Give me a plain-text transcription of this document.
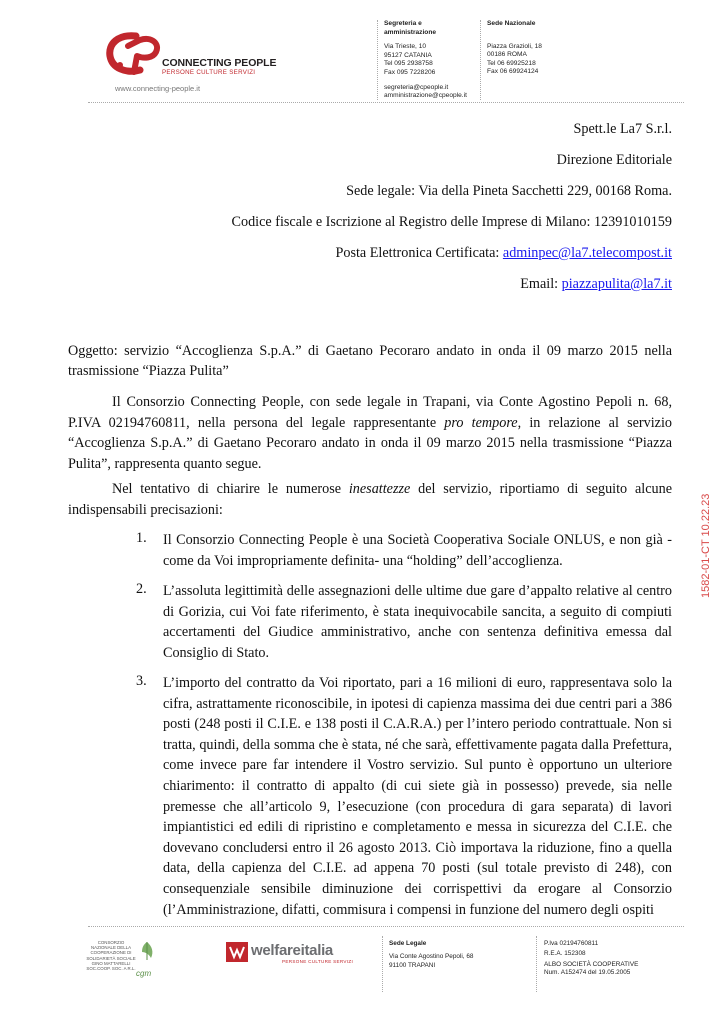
CONNECTING PEOPLE
PERSONE CULTURE SERVIZI
www.connecting-people.it
Segreteria e
amministrazione
Via Trieste, 10
95127 CATANIA
Tel 095 2938758
Fax 095 7228206
segreteria@cpeople.it
amministrazione@cpeople.it
Sede Nazionale
Piazza Grazioli, 18
00186 ROMA
Tel 06 69925218
Fax 06 69924124
Spett.le La7 S.r.l.
Direzione Editoriale
Sede legale: Via della Pineta Sacchetti 229, 00168 Roma.
Codice fiscale e Iscrizione al Registro delle Imprese di Milano: 12391010159
Posta Elettronica Certificata: adminpec@la7.telecompost.it
Email: piazzapulita@la7.it
Oggetto: servizio “Accoglienza S.p.A.” di Gaetano Pecoraro andato in onda il 09 marzo 2015 nella
trasmissione “Piazza Pulita”
Il Consorzio Connecting People, con sede legale in Trapani, via Conte Agostino Pepoli n. 68, P.IVA 02194760811, nella persona del legale rappresentante pro tempore, in relazione al servizio “Accoglienza S.p.A.” di Gaetano Pecoraro andato in onda il 09 marzo 2015 nella trasmissione “Piazza Pulita”, rappresenta quanto segue.
Nel tentativo di chiarire le numerose inesattezze del servizio, riportiamo di seguito alcune indispensabili precisazioni:
1. Il Consorzio Connecting People è una Società Cooperativa Sociale ONLUS, e non già - come da Voi impropriamente definita- una “holding” dell’accoglienza.
2. L’assoluta legittimità delle assegnazioni delle ultime due gare d’appalto relative al centro di Gorizia, cui Voi fate riferimento, è stata inequivocabile sancita, a seguito di compiuti accertamenti del Giudice amministrativo, anche con sentenza definitiva emessa dal Consiglio di Stato.
3. L’importo del contratto da Voi riportato, pari a 16 milioni di euro, rappresentava solo la cifra, astrattamente riconoscibile, in ipotesi di capienza massima dei due centri pari a 386 posti (248 posti il C.I.E. e 138 posti il C.A.R.A.) per l’intero periodo contrattuale. Non si tratta, quindi, della somma che è stata, né che sarà, effettivamente pagata dalla Prefettura, come invece pare far intendere il Vostro servizio. Sul punto è opportuno un ulteriore chiarimento: il contratto di appalto (di cui siete già in possesso) prevede, sia nelle premesse che all’articolo 9, l’esecuzione (con procedura di gara separata) di lavori impiantistici ed edili di ripristino e completamento e messa in sicurezza del C.I.E. che dovevano concludersi entro il 26 agosto 2013. Ciò importava la riduzione, fino a quella data, della capienza del C.I.E. ad appena 70 posti (sul totale previsto di 248), con consequenziale sensibile diminuzione dei corrispettivi da erogare al Consorzio (l’Amministrazione, difatti, commisura i compensi in funzione del numero degli ospiti
1582-01-CT 10.22.23
CONSORZIO NAZIONALE DELLA COOPERAZIONE DI SOLIDARIETÀ SOCIALE GINO MATTARELLI SOC.COOP. SOC. A R.L.
cgm
welfareitalia
PERSONE CULTURE SERVIZI
Sede Legale
Via Conte Agostino Pepoli, 68
91100 TRAPANI
P.Iva 02194760811
R.E.A. 152308
ALBO SOCIETÀ COOPERATIVE
Num. A152474 del 19.05.2005
